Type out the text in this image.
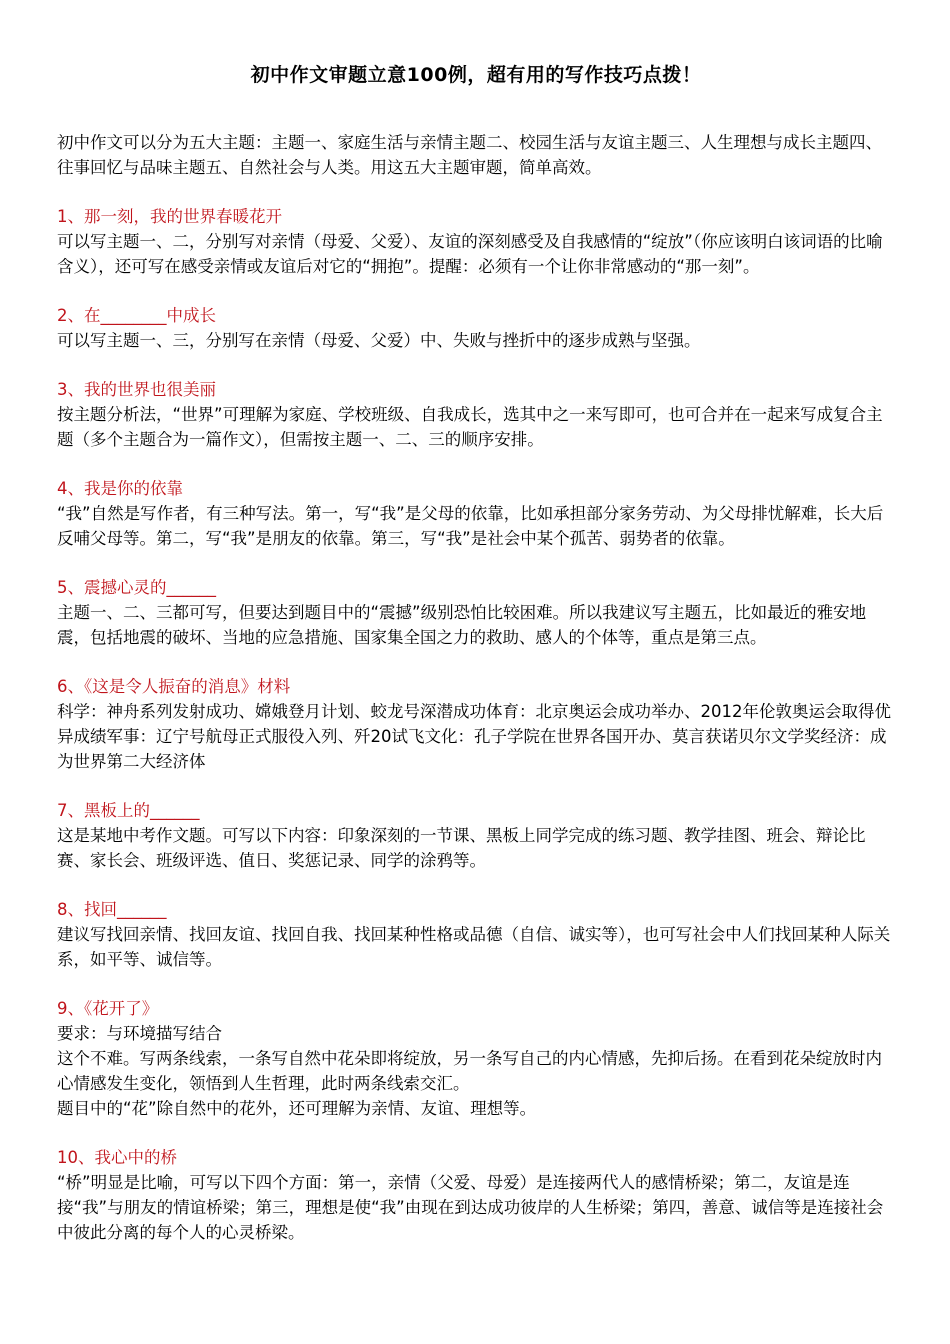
初中作文审题立意100例，超有用的写作技巧点拨！

初中作文可以分为五大主题：主题一、家庭生活与亲情主题二、校园生活与友谊主题三、人生理想与成长主题四、往事回忆与品味主题五、自然社会与人类。用这五大主题审题，简单高效。

1、那一刻，我的世界春暖花开

可以写主题一、二，分别写对亲情（母爱、父爱）、友谊的深刻感受及自我感情的“绽放”（你应该明白该词语的比喻含义），还可写在感受亲情或友谊后对它的“拥抱”。提醒：必须有一个让你非常感动的“那一刻”。

2、在________中成长

可以写主题一、三，分别写在亲情（母爱、父爱）中、失败与挫折中的逐步成熟与坚强。

3、我的世界也很美丽

按主题分析法，“世界”可理解为家庭、学校班级、自我成长，选其中之一来写即可，也可合并在一起来写成复合主题（多个主题合为一篇作文），但需按主题一、二、三的顺序安排。

4、我是你的依靠

“我”自然是写作者，有三种写法。第一，写“我”是父母的依靠，比如承担部分家务劳动、为父母排忧解难，长大后反哺父母等。第二，写“我”是朋友的依靠。第三，写“我”是社会中某个孤苦、弱势者的依靠。

5、震撼心灵的______

主题一、二、三都可写，但要达到题目中的“震撼”级别恐怕比较困难。所以我建议写主题五，比如最近的雅安地震，包括地震的破坏、当地的应急措施、国家集全国之力的救助、感人的个体等，重点是第三点。

6、《这是令人振奋的消息》材料

科学：神舟系列发射成功、嫦娥登月计划、蛟龙号深潜成功体育：北京奥运会成功举办、2012年伦敦奥运会取得优异成绩军事：辽宁号航母正式服役入列、歼20试飞文化：孔子学院在世界各国开办、莫言获诺贝尔文学奖经济：成为世界第二大经济体

7、黑板上的______

这是某地中考作文题。可写以下内容：印象深刻的一节课、黑板上同学完成的练习题、教学挂图、班会、辩论比赛、家长会、班级评选、值日、奖惩记录、同学的涂鸦等。

8、找回______

建议写找回亲情、找回友谊、找回自我、找回某种性格或品德（自信、诚实等），也可写社会中人们找回某种人际关系，如平等、诚信等。

9、《花开了》

要求：与环境描写结合

这个不难。写两条线索，一条写自然中花朵即将绽放，另一条写自己的内心情感，先抑后扬。在看到花朵绽放时内心情感发生变化，领悟到人生哲理，此时两条线索交汇。

题目中的“花”除自然中的花外，还可理解为亲情、友谊、理想等。

10、我心中的桥

“桥”明显是比喻，可写以下四个方面：第一，亲情（父爱、母爱）是连接两代人的感情桥梁；第二，友谊是连接“我”与朋友的情谊桥梁；第三，理想是使“我”由现在到达成功彼岸的人生桥梁；第四，善意、诚信等是连接社会中彼此分离的每个人的心灵桥梁。
